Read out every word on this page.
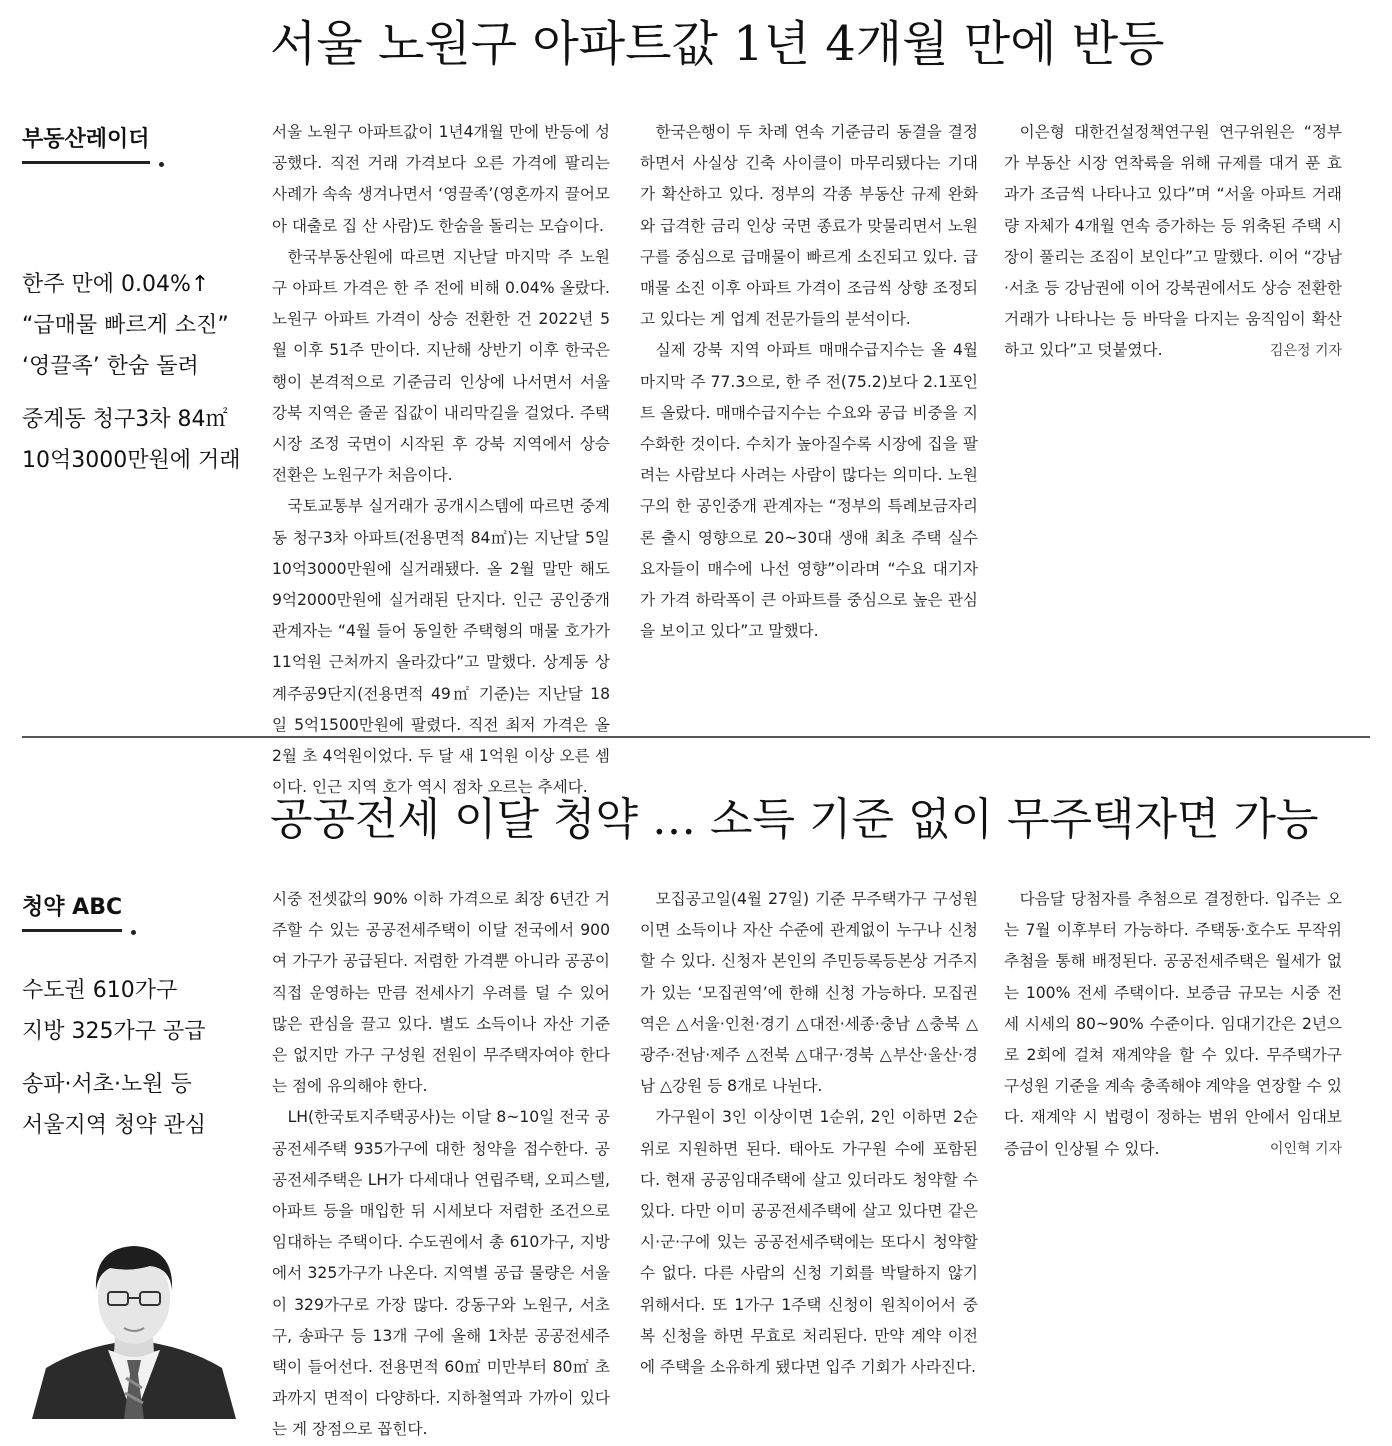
서울 노원구 아파트값 1년 4개월 만에 반등
부동산레이더

한주 만에 0.04%↑

“급매물 빠르게 소진”

‘영끌족’ 한숨 돌려

중계동 청구3차 84㎡

10억3000만원에 거래

서울 노원구 아파트값이 1년4개월 만에 반등에 성공했다. 직전 거래 가격보다 오른 가격에 팔리는 사례가 속속 생겨나면서 ‘영끌족’(영혼까지 끌어모아 대출로 집 산 사람)도 한숨을 돌리는 모습이다.

한국부동산원에 따르면 지난달 마지막 주 노원구 아파트 가격은 한 주 전에 비해 0.04% 올랐다. 노원구 아파트 가격이 상승 전환한 건 2022년 5월 이후 51주 만이다. 지난해 상반기 이후 한국은행이 본격적으로 기준금리 인상에 나서면서 서울 강북 지역은 줄곧 집값이 내리막길을 걸었다. 주택 시장 조정 국면이 시작된 후 강북 지역에서 상승 전환은 노원구가 처음이다.

국토교통부 실거래가 공개시스템에 따르면 중계동 청구3차 아파트(전용면적 84㎡)는 지난달 5일 10억3000만원에 실거래됐다. 올 2월 말만 해도 9억2000만원에 실거래된 단지다. 인근 공인중개 관계자는 “4월 들어 동일한 주택형의 매물 호가가 11억원 근처까지 올라갔다”고 말했다. 상계동 상계주공9단지(전용면적 49㎡ 기준)는 지난달 18일 5억1500만원에 팔렸다. 직전 최저 가격은 올 2월 초 4억원이었다. 두 달 새 1억원 이상 오른 셈이다. 인근 지역 호가 역시 점차 오르는 추세다.

한국은행이 두 차례 연속 기준금리 동결을 결정하면서 사실상 긴축 사이클이 마무리됐다는 기대가 확산하고 있다. 정부의 각종 부동산 규제 완화와 급격한 금리 인상 국면 종료가 맞물리면서 노원구를 중심으로 급매물이 빠르게 소진되고 있다. 급매물 소진 이후 아파트 가격이 조금씩 상향 조정되고 있다는 게 업계 전문가들의 분석이다.

실제 강북 지역 아파트 매매수급지수는 올 4월 마지막 주 77.3으로, 한 주 전(75.2)보다 2.1포인트 올랐다. 매매수급지수는 수요와 공급 비중을 지수화한 것이다. 수치가 높아질수록 시장에 집을 팔려는 사람보다 사려는 사람이 많다는 의미다. 노원구의 한 공인중개 관계자는 “정부의 특례보금자리론 출시 영향으로 20~30대 생애 최초 주택 실수요자들이 매수에 나선 영향”이라며 “수요 대기자가 가격 하락폭이 큰 아파트를 중심으로 높은 관심을 보이고 있다”고 말했다.

이은형 대한건설정책연구원 연구위원은 “정부가 부동산 시장 연착륙을 위해 규제를 대거 푼 효과가 조금씩 나타나고 있다”며 “서울 아파트 거래량 자체가 4개월 연속 증가하는 등 위축된 주택 시장이 풀리는 조짐이 보인다”고 말했다. 이어 “강남·서초 등 강남권에 이어 강북권에서도 상승 전환한 거래가 나타나는 등 바닥을 다지는 움직임이 확산하고 있다”고 덧붙였다.	김은정 기자
공공전세 이달 청약 … 소득 기준 없이 무주택자면 가능
청약 ABC

수도권 610가구

지방 325가구 공급

송파·서초·노원 등

서울지역 청약 관심

시중 전셋값의 90% 이하 가격으로 최장 6년간 거주할 수 있는 공공전세주택이 이달 전국에서 900여 가구가 공급된다. 저렴한 가격뿐 아니라 공공이 직접 운영하는 만큼 전세사기 우려를 덜 수 있어 많은 관심을 끌고 있다. 별도 소득이나 자산 기준은 없지만 가구 구성원 전원이 무주택자여야 한다는 점에 유의해야 한다.

LH(한국토지주택공사)는 이달 8~10일 전국 공공전세주택 935가구에 대한 청약을 접수한다. 공공전세주택은 LH가 다세대나 연립주택, 오피스텔, 아파트 등을 매입한 뒤 시세보다 저렴한 조건으로 임대하는 주택이다. 수도권에서 총 610가구, 지방에서 325가구가 나온다. 지역별 공급 물량은 서울이 329가구로 가장 많다. 강동구와 노원구, 서초구, 송파구 등 13개 구에 올해 1차분 공공전세주택이 들어선다. 전용면적 60㎡ 미만부터 80㎡ 초과까지 면적이 다양하다. 지하철역과 가까이 있다는 게 장점으로 꼽힌다.

모집공고일(4월 27일) 기준 무주택가구 구성원이면 소득이나 자산 수준에 관계없이 누구나 신청할 수 있다. 신청자 본인의 주민등록등본상 거주지가 있는 ‘모집권역’에 한해 신청 가능하다. 모집권역은 △서울·인천·경기 △대전·세종·충남 △충북 △광주·전남·제주 △전북 △대구·경북 △부산·울산·경남 △강원 등 8개로 나뉜다.

가구원이 3인 이상이면 1순위, 2인 이하면 2순위로 지원하면 된다. 태아도 가구원 수에 포함된다. 현재 공공임대주택에 살고 있더라도 청약할 수 있다. 다만 이미 공공전세주택에 살고 있다면 같은 시·군·구에 있는 공공전세주택에는 또다시 청약할 수 없다. 다른 사람의 신청 기회를 박탈하지 않기 위해서다. 또 1가구 1주택 신청이 원칙이어서 중복 신청을 하면 무효로 처리된다. 만약 계약 이전에 주택을 소유하게 됐다면 입주 기회가 사라진다.

다음달 당첨자를 추첨으로 결정한다. 입주는 오는 7월 이후부터 가능하다. 주택동·호수도 무작위 추첨을 통해 배정된다. 공공전세주택은 월세가 없는 100% 전세 주택이다. 보증금 규모는 시중 전세 시세의 80~90% 수준이다. 임대기간은 2년으로 2회에 걸쳐 재계약을 할 수 있다. 무주택가구 구성원 기준을 계속 충족해야 계약을 연장할 수 있다. 재계약 시 법령이 정하는 범위 안에서 임대보증금이 인상될 수 있다.	이인혁 기자
